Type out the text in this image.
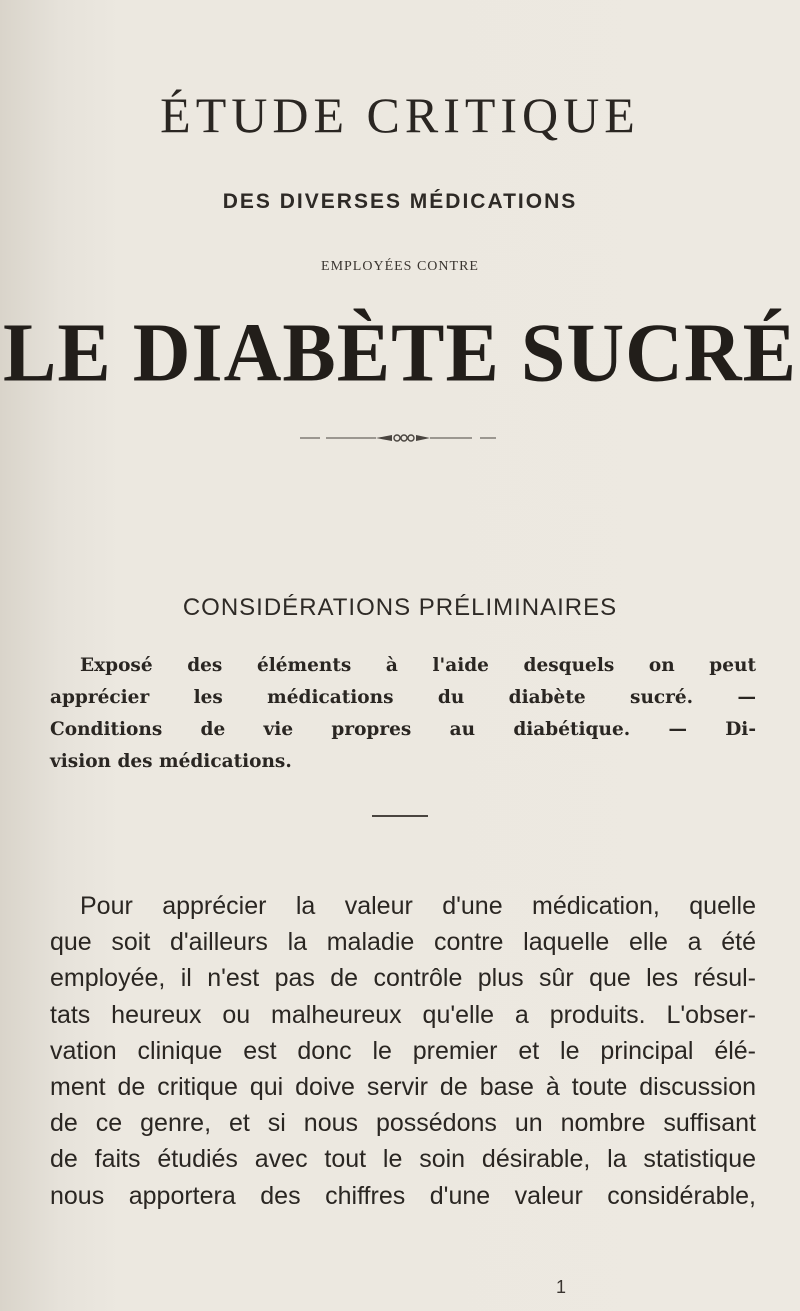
ÉTUDE CRITIQUE
DES DIVERSES MÉDICATIONS
EMPLOYÉES CONTRE
LE DIABÈTE SUCRÉ
CONSIDÉRATIONS PRÉLIMINAIRES
Exposé des éléments à l'aide desquels on peut
apprécier les médications du diabète sucré. —
Conditions de vie propres au diabétique. — Di-
vision des médications.
Pour apprécier la valeur d'une médication, quelle
que soit d'ailleurs la maladie contre laquelle elle a été
employée, il n'est pas de contrôle plus sûr que les résul-
tats heureux ou malheureux qu'elle a produits. L'obser-
vation clinique est donc le premier et le principal élé-
ment de critique qui doive servir de base à toute discussion
de ce genre, et si nous possédons un nombre suffisant
de faits étudiés avec tout le soin désirable, la statistique
nous apportera des chiffres d'une valeur considérable,
1
